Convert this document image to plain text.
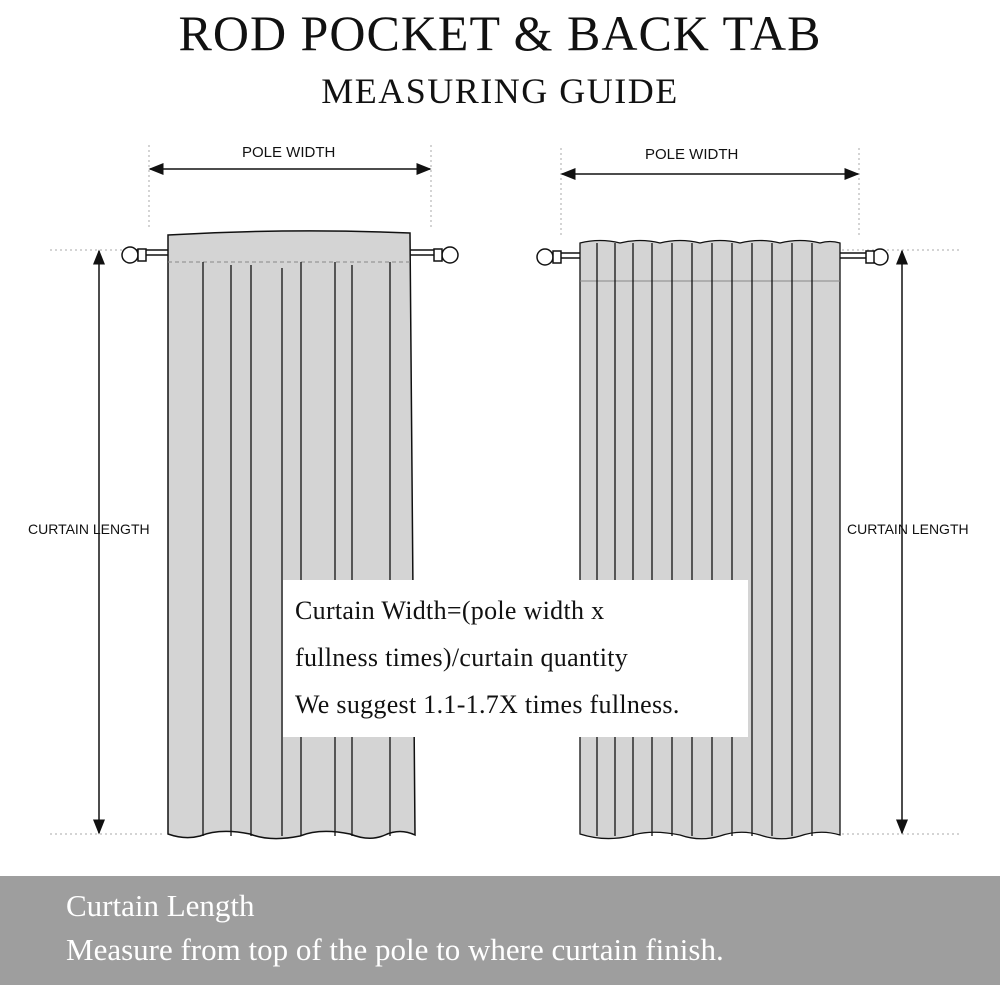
ROD POCKET & BACK TAB
MEASURING GUIDE
POLE WIDTH	POLE WIDTH
CURTAIN LENGTH	CURTAIN LENGTH
Curtain Width=(pole width x
fullness times)/curtain quantity
We suggest 1.1-1.7X times fullness.
Curtain Length
Measure from top of the pole to where curtain finish.
